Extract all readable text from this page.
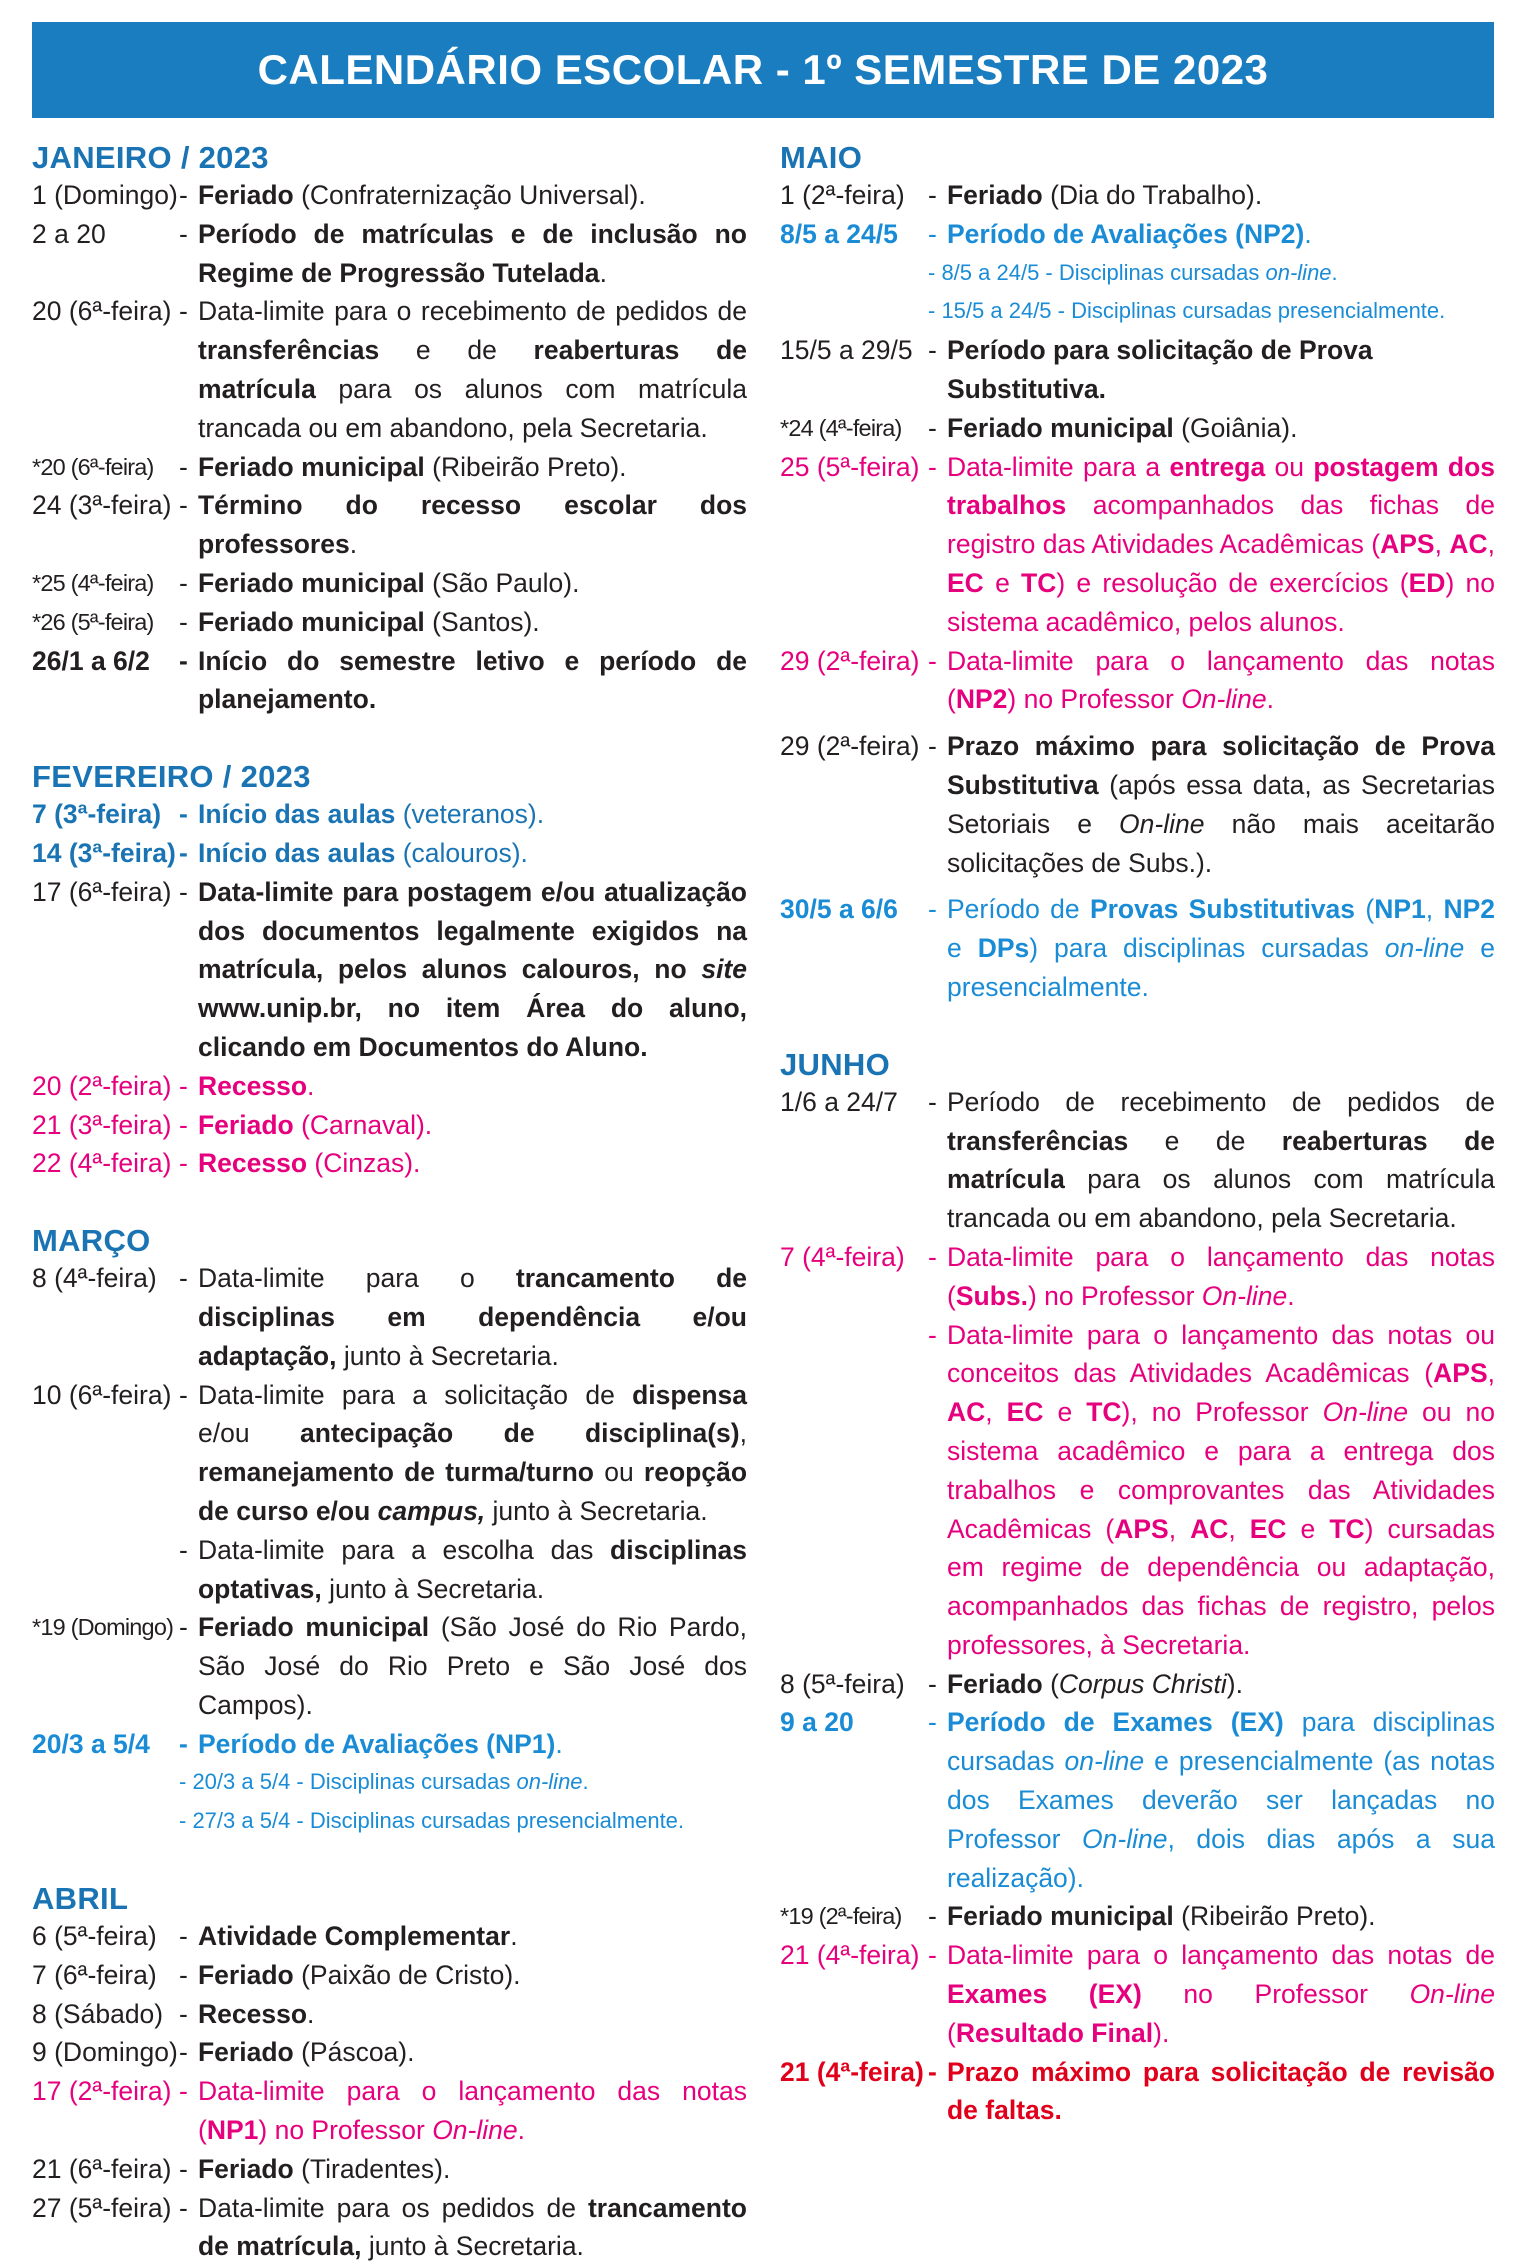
CALENDÁRIO ESCOLAR - 1º SEMESTRE DE 2023
JANEIRO / 2023
1 (Domingo) - Feriado (Confraternização Universal).
2 a 20	- Período de matrículas e de inclusão no Regime de Progressão Tutelada.
20 (6ª-feira) - Data-limite para o recebimento de pedidos de transferências e de reaberturas de matrícula para os alunos com matrícula trancada ou em abandono, pela Secretaria.
*20 (6ª-feira) - Feriado municipal (Ribeirão Preto).
24 (3ª-feira) - Término do recesso escolar dos professores.
*25 (4ª-feira) - Feriado municipal (São Paulo).
*26 (5ª-feira) - Feriado municipal (Santos).
26/1 a 6/2	- Início do semestre letivo e período de planejamento.
FEVEREIRO / 2023
7 (3ª-feira) - Início das aulas (veteranos).
14 (3ª-feira) - Início das aulas (calouros).
17 (6ª-feira) - Data-limite para postagem e/ou atualização dos documentos legalmente exigidos na matrícula, pelos alunos calouros, no site www.unip.br, no item Área do aluno, clicando em Documentos do Aluno.
20 (2ª-feira) - Recesso.
21 (3ª-feira) - Feriado (Carnaval).
22 (4ª-feira) - Recesso (Cinzas).
MARÇO
8 (4ª-feira) - Data-limite para o trancamento de disciplinas em dependência e/ou adaptação, junto à Secretaria.
10 (6ª-feira) - Data-limite para a solicitação de dispensa e/ou antecipação de disciplina(s), remanejamento de turma/turno ou reopção de curso e/ou campus, junto à Secretaria.
- Data-limite para a escolha das disciplinas optativas, junto à Secretaria.
*19 (Domingo) - Feriado municipal (São José do Rio Pardo, São José do Rio Preto e São José dos Campos).
20/3 a 5/4	- Período de Avaliações (NP1).
- 20/3 a 5/4 - Disciplinas cursadas on-line.
- 27/3 a 5/4 - Disciplinas cursadas presencialmente.
ABRIL
6 (5ª-feira) - Atividade Complementar.
7 (6ª-feira) - Feriado (Paixão de Cristo).
8 (Sábado) - Recesso.
9 (Domingo) - Feriado (Páscoa).
17 (2ª-feira) - Data-limite para o lançamento das notas (NP1) no Professor On-line.
21 (6ª-feira) - Feriado (Tiradentes).
27 (5ª-feira) - Data-limite para os pedidos de trancamento de matrícula, junto à Secretaria.
MAIO
1 (2ª-feira) - Feriado (Dia do Trabalho).
8/5 a 24/5	- Período de Avaliações (NP2).
- 8/5 a 24/5 - Disciplinas cursadas on-line.
- 15/5 a 24/5 - Disciplinas cursadas presencialmente.
15/5 a 29/5 - Período para solicitação de Prova Substitutiva.
*24 (4ª-feira) - Feriado municipal (Goiânia).
25 (5ª-feira) - Data-limite para a entrega ou postagem dos trabalhos acompanhados das fichas de registro das Atividades Acadêmicas (APS, AC, EC e TC) e resolução de exercícios (ED) no sistema acadêmico, pelos alunos.
29 (2ª-feira) - Data-limite para o lançamento das notas (NP2) no Professor On-line.
29 (2ª-feira) - Prazo máximo para solicitação de Prova Substitutiva (após essa data, as Secretarias Setoriais e On-line não mais aceitarão solicitações de Subs.).
30/5 a 6/6	- Período de Provas Substitutivas (NP1, NP2 e DPs) para disciplinas cursadas on-line e presencialmente.
JUNHO
1/6 a 24/7	- Período de recebimento de pedidos de transferências e de reaberturas de matrícula para os alunos com matrícula trancada ou em abandono, pela Secretaria.
7 (4ª-feira) - Data-limite para o lançamento das notas (Subs.) no Professor On-line.
- Data-limite para o lançamento das notas ou conceitos das Atividades Acadêmicas (APS, AC, EC e TC), no Professor On-line ou no sistema acadêmico e para a entrega dos trabalhos e comprovantes das Atividades Acadêmicas (APS, AC, EC e TC) cursadas em regime de dependência ou adaptação, acompanhados das fichas de registro, pelos professores, à Secretaria.
8 (5ª-feira) - Feriado (Corpus Christi).
9 a 20	- Período de Exames (EX) para disciplinas cursadas on-line e presencialmente (as notas dos Exames deverão ser lançadas no Professor On-line, dois dias após a sua realização).
*19 (2ª-feira) - Feriado municipal (Ribeirão Preto).
21 (4ª-feira) - Data-limite para o lançamento das notas de Exames (EX) no Professor On-line (Resultado Final).
21 (4ª-feira) - Prazo máximo para solicitação de revisão de faltas.
